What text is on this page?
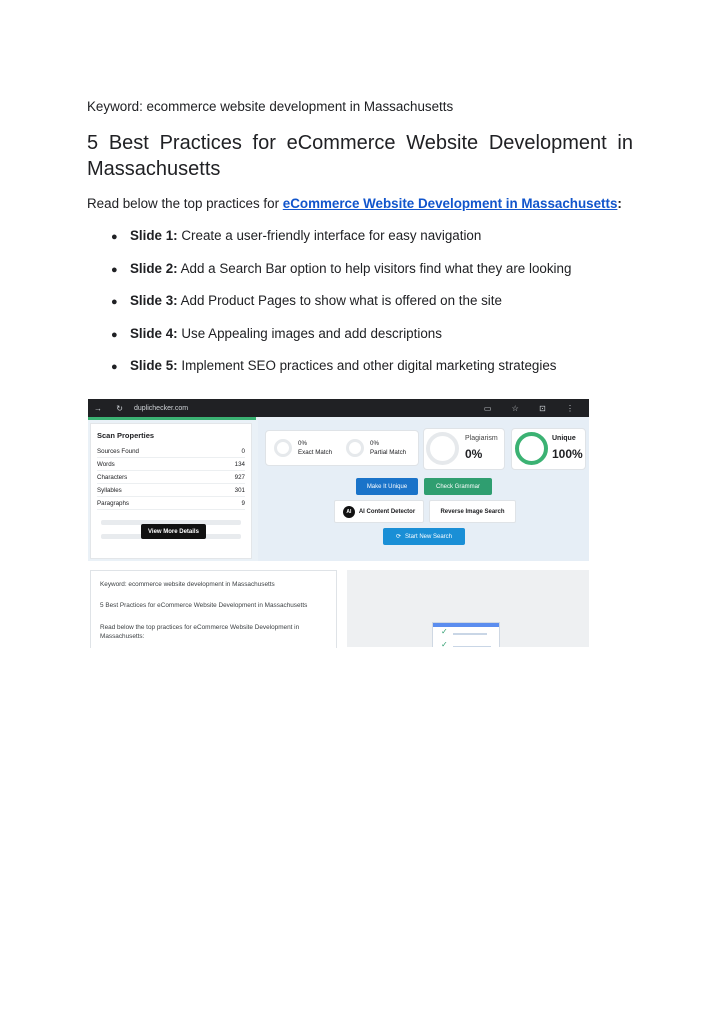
Keyword: ecommerce website development in Massachusetts
5 Best Practices for eCommerce Website Development in Massachusetts
Read below the top practices for eCommerce Website Development in Massachusetts:
● Slide 1: Create a user-friendly interface for easy navigation
● Slide 2: Add a Search Bar option to help visitors find what they are looking
● Slide 3: Add Product Pages to show what is offered on the site
● Slide 4: Use Appealing images and add descriptions
● Slide 5: Implement SEO practices and other digital marketing strategies
→ ↻ duplichecker.com	▭ ☆ ⊡ ⋮
Scan Properties
Sources Found	0
Words	134
Characters	927
Syllables	301
Paragraphs	9
View More Details
0%
Exact Match
0%
Partial Match
Plagiarism
0%
Unique
100%
Make It Unique	Check Grammar
AI	AI Content Detector	Reverse Image Search
⟳ Start New Search
Keyword: ecommerce website development in Massachusetts
5 Best Practices for eCommerce Website Development in Massachusetts
Read below the top practices for eCommerce Website Development in Massachusetts:
✓
✓
